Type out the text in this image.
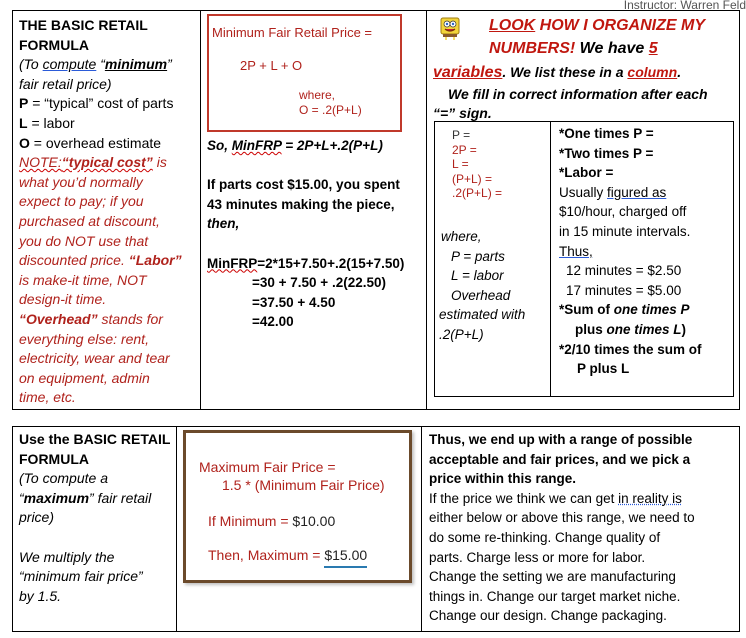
Instructor: Warren Feld

THE BASIC RETAIL

FORMULA

(To compute “minimum”

fair retail price)

P = “typical” cost of parts

L = labor

O = overhead estimate

NOTE:“typical cost” is

what you’d normally

expect to pay; if you

purchased at discount,

you do NOT use that

discounted price. “Labor”

is make-it time, NOT

design-it time.

“Overhead” stands for

everything else: rent,

electricity, wear and tear

on equipment, admin

time, etc.

Minimum Fair Retail Price =
2P + L + O
where,
O = .2(P+L)

So, MinFRP = 2P+L+.2(P+L)

If parts cost $15.00, you spent

43 minutes making the piece,

then,

MinFRP=2*15+7.50+.2(15+7.50)

=30 + 7.50 + .2(22.50)

=37.50 + 4.50

=42.00

LOOK HOW I ORGANIZE MY
NUMBERS! We have 5
variables. We list these in a column.
We fill in correct information after each
“=” sign.

P =

2P =

L =

(P+L) =

.2(P+L) =

where,

P = parts

L = labor

Overhead

estimated with

.2(P+L)

*One times P =

*Two times P =

*Labor =

Usually figured as

$10/hour, charged off

in 15 minute intervals.

Thus,

12 minutes = $2.50

17 minutes = $5.00

*Sum of one times P

plus one times L)

*2/10 times the sum of

P plus L

Use the BASIC RETAIL

FORMULA

(To compute a

“maximum” fair retail

price)

We multiply the

“minimum fair price”

by 1.5.

Maximum Fair Price =
1.5 * (Minimum Fair Price)
If Minimum = $10.00
Then, Maximum = $15.00

Thus, we end up with a range of possible

acceptable and fair prices, and we pick a

price within this range.

If the price we think we can get in reality is

either below or above this range, we need to

do some re-thinking. Change quality of

parts. Charge less or more for labor.

Change the setting we are manufacturing

things in. Change our target market niche.

Change our design. Change packaging.
